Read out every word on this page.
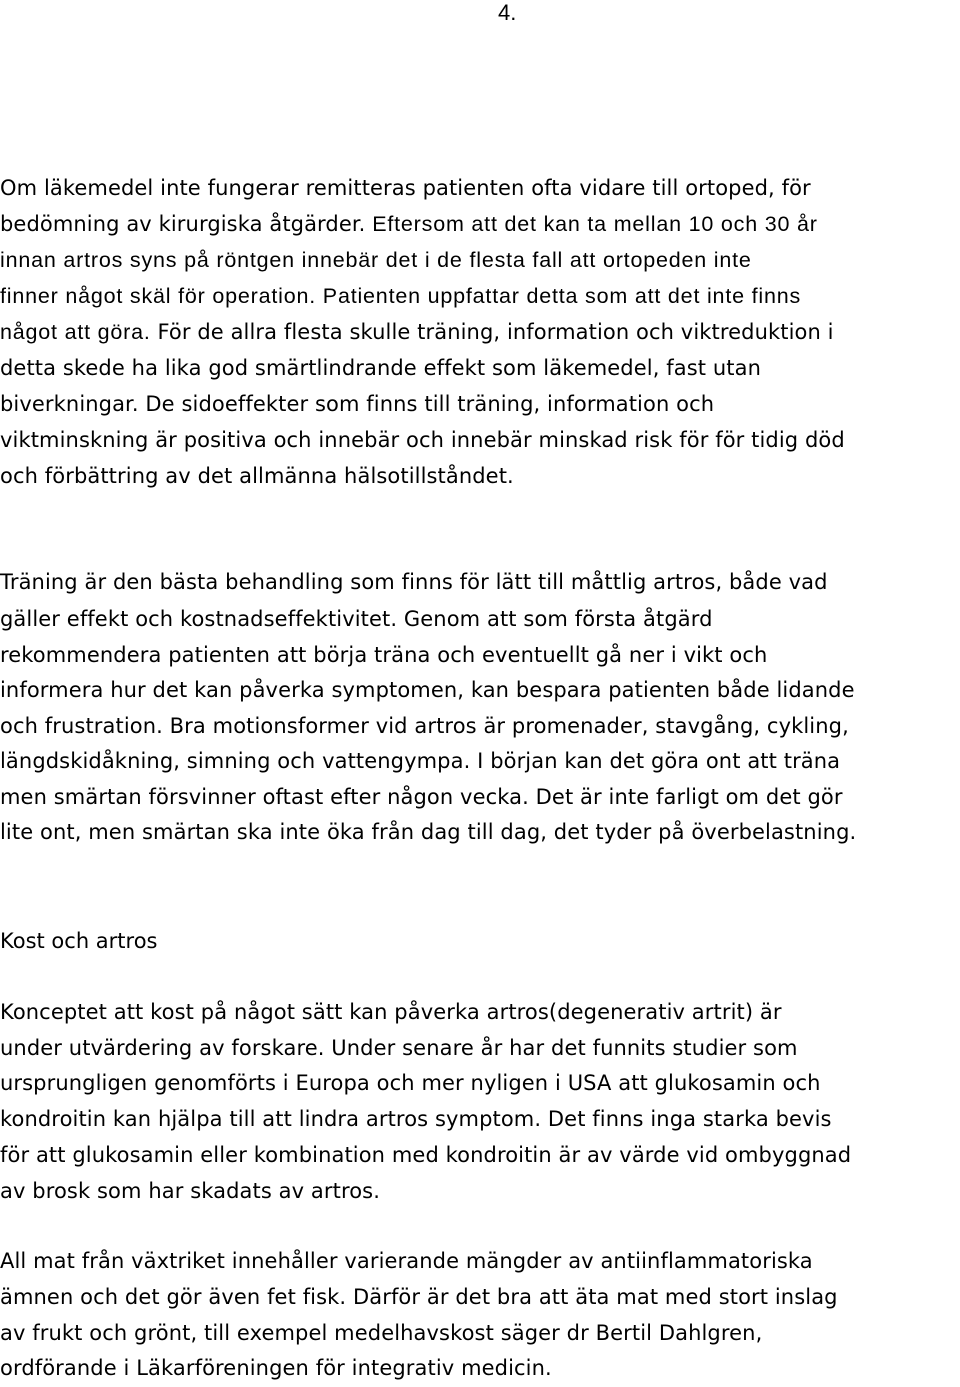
4.
Om läkemedel inte fungerar remitteras patienten ofta vidare till ortoped, för
bedömning av kirurgiska åtgärder. Eftersom att det kan ta mellan 10 och 30 år
innan artros syns på röntgen innebär det i de flesta fall att ortopeden inte
finner något skäl för operation. Patienten uppfattar detta som att det inte finns
något att göra. För de allra flesta skulle träning, information och viktreduktion i
detta skede ha lika god smärtlindrande effekt som läkemedel, fast utan
biverkningar. De sidoeffekter som finns till träning, information och
viktminskning är positiva och innebär och innebär minskad risk för för tidig död
och förbättring av det allmänna hälsotillståndet.
Träning är den bästa behandling som finns för lätt till måttlig artros, både vad
gäller effekt och kostnadseffektivitet. Genom att som första åtgärd
rekommendera patienten att börja träna och eventuellt gå ner i vikt och
informera hur det kan påverka symptomen, kan bespara patienten både lidande
och frustration. Bra motionsformer vid artros är promenader, stavgång, cykling,
längdskidåkning, simning och vattengympa. I början kan det göra ont att träna
men smärtan försvinner oftast efter någon vecka. Det är inte farligt om det gör
lite ont, men smärtan ska inte öka från dag till dag, det tyder på överbelastning.
Kost och artros
Konceptet att kost på något sätt kan påverka artros(degenerativ artrit) är
under utvärdering av forskare. Under senare år har det funnits studier som
ursprungligen genomförts i Europa och mer nyligen i USA att glukosamin och
kondroitin kan hjälpa till att lindra artros symptom. Det finns inga starka bevis
för att glukosamin eller kombination med kondroitin är av värde vid ombyggnad
av brosk som har skadats av artros.
All mat från växtriket innehåller varierande mängder av antiinflammatoriska
ämnen och det gör även fet fisk. Därför är det bra att äta mat med stort inslag
av frukt och grönt, till exempel medelhavskost säger dr Bertil Dahlgren,
ordförande i Läkarföreningen för integrativ medicin.
